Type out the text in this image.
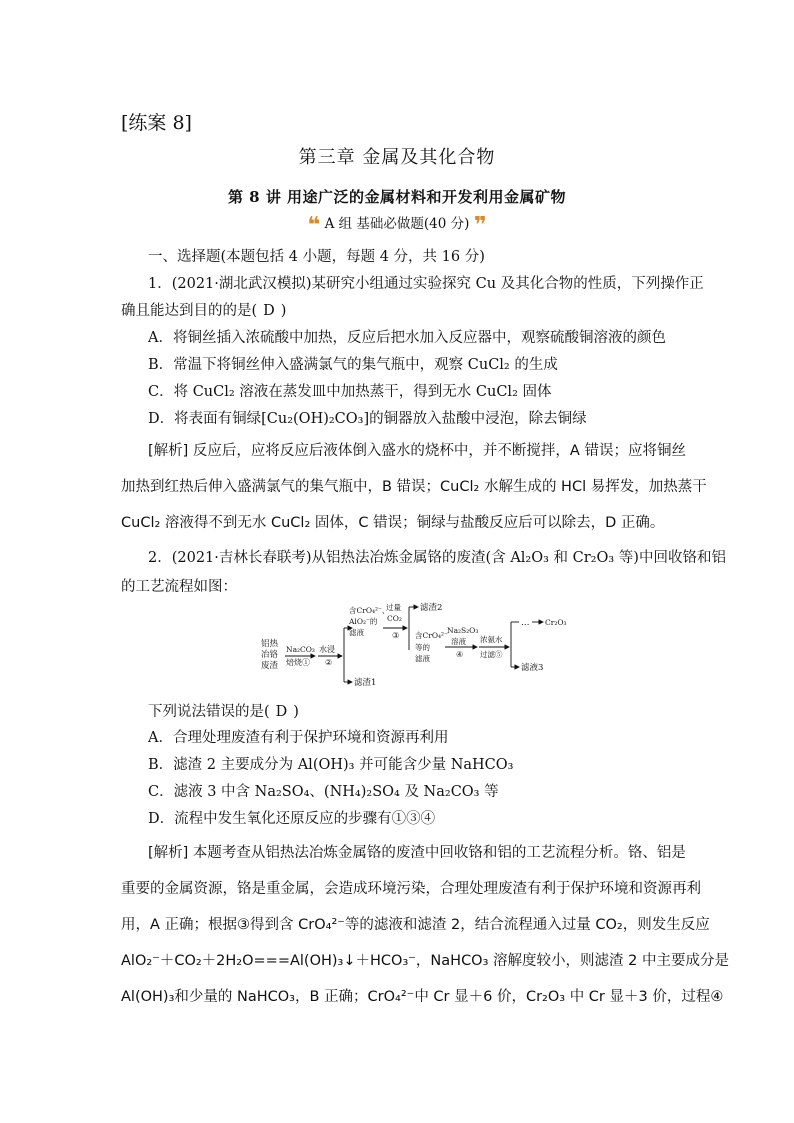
[练案 8]
第三章 金属及其化合物
第 8 讲 用途广泛的金属材料和开发利用金属矿物
❝ A 组 基础必做题(40 分) ❞
一、选择题(本题包括 4 小题，每题 4 分，共 16 分)
1．(2021·湖北武汉模拟)某研究小组通过实验探究 Cu 及其化合物的性质，下列操作正
确且能达到目的的是( D )
A．将铜丝插入浓硫酸中加热，反应后把水加入反应器中，观察硫酸铜溶液的颜色
B．常温下将铜丝伸入盛满氯气的集气瓶中，观察 CuCl₂ 的生成
C．将 CuCl₂ 溶液在蒸发皿中加热蒸干，得到无水 CuCl₂ 固体
D．将表面有铜绿[Cu₂(OH)₂CO₃]的铜器放入盐酸中浸泡，除去铜绿
[解析] 反应后，应将反应后液体倒入盛水的烧杯中，并不断搅拌，A 错误；应将铜丝
加热到红热后伸入盛满氯气的集气瓶中，B 错误；CuCl₂ 水解生成的 HCl 易挥发，加热蒸干
CuCl₂ 溶液得不到无水 CuCl₂ 固体，C 错误；铜绿与盐酸反应后可以除去，D 正确。
2．(2021·吉林长春联考)从铝热法冶炼金属铬的废渣(含 Al₂O₃ 和 Cr₂O₃ 等)中回收铬和铝
的工艺流程如图：
铝热
冶铬
废渣
Na₂CO₃
焙烧①
水浸
②
滤渣1
含CrO₄²⁻、
AlO₂⁻的
滤液
过量
CO₂
③
滤渣2
含CrO₄²⁻
等的
滤液
Na₂S₂O₃
溶液
④
浓氨水
过滤⑤
… Cr₂O₃
滤液3
下列说法错误的是( D )
A．合理处理废渣有利于保护环境和资源再利用
B．滤渣 2 主要成分为 Al(OH)₃ 并可能含少量 NaHCO₃
C．滤液 3 中含 Na₂SO₄、(NH₄)₂SO₄ 及 Na₂CO₃ 等
D．流程中发生氧化还原反应的步骤有①③④
[解析] 本题考查从铝热法冶炼金属铬的废渣中回收铬和铝的工艺流程分析。铬、铝是
重要的金属资源，铬是重金属，会造成环境污染，合理处理废渣有利于保护环境和资源再利
用，A 正确；根据③得到含 CrO₄²⁻等的滤液和滤渣 2，结合流程通入过量 CO₂，则发生反应
AlO₂⁻＋CO₂＋2H₂O===Al(OH)₃↓＋HCO₃⁻，NaHCO₃ 溶解度较小，则滤渣 2 中主要成分是
Al(OH)₃和少量的 NaHCO₃，B 正确；CrO₄²⁻中 Cr 显＋6 价，Cr₂O₃ 中 Cr 显＋3 价，过程④
